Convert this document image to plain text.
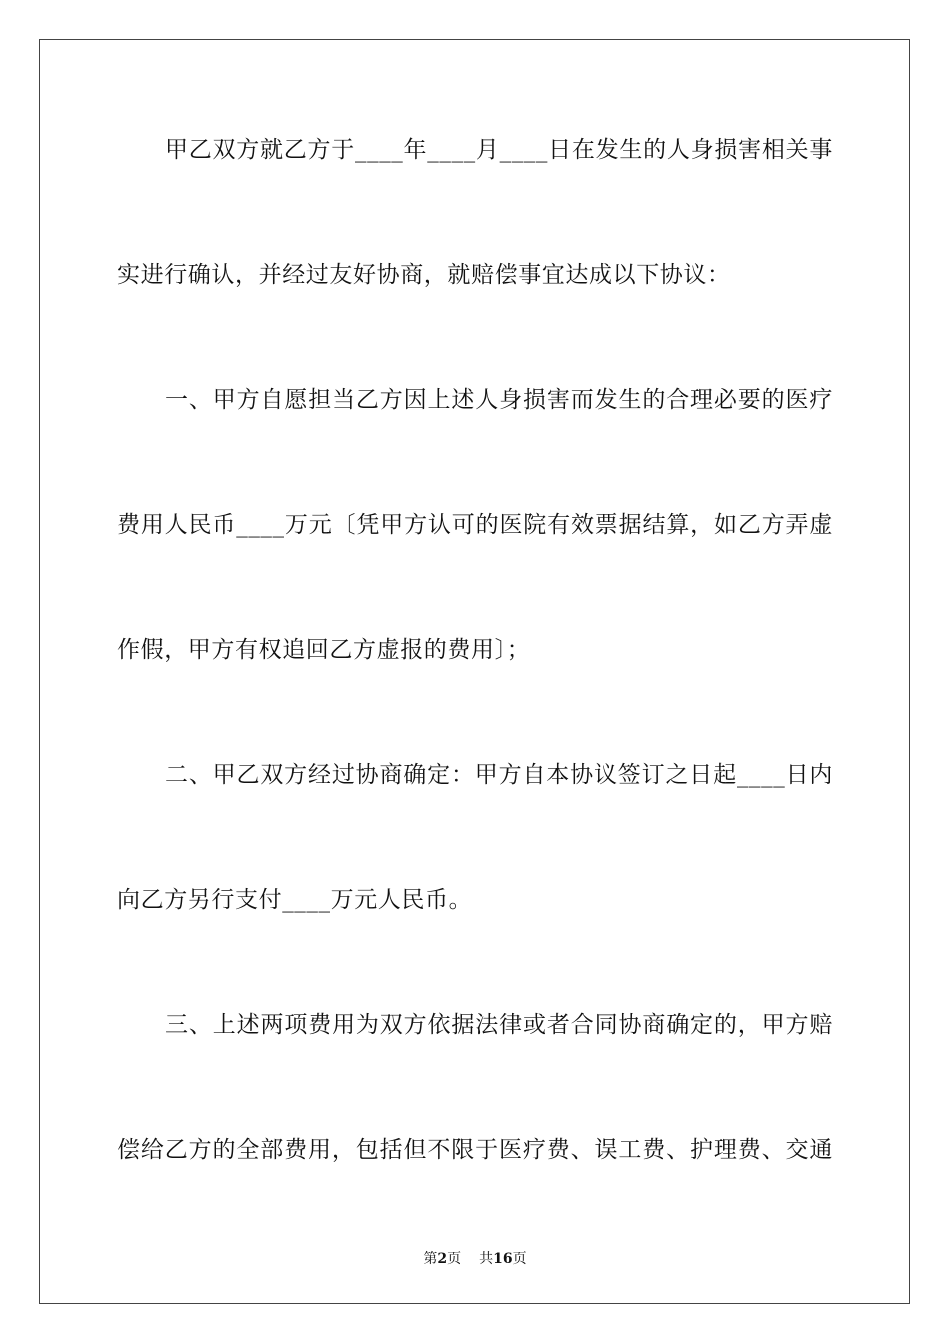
甲乙双方就乙方于____年____月____日在发生的人身损害相关事
实进行确认，并经过友好协商，就赔偿事宜达成以下协议：
一、甲方自愿担当乙方因上述人身损害而发生的合理必要的医疗
费用人民币____万元〔凭甲方认可的医院有效票据结算，如乙方弄虚
作假，甲方有权追回乙方虚报的费用〕；
二、甲乙双方经过协商确定：甲方自本协议签订之日起____日内
向乙方另行支付____万元人民币。
三、上述两项费用为双方依据法律或者合同协商确定的，甲方赔
偿给乙方的全部费用，包括但不限于医疗费、误工费、护理费、交通
第2页 共16页
